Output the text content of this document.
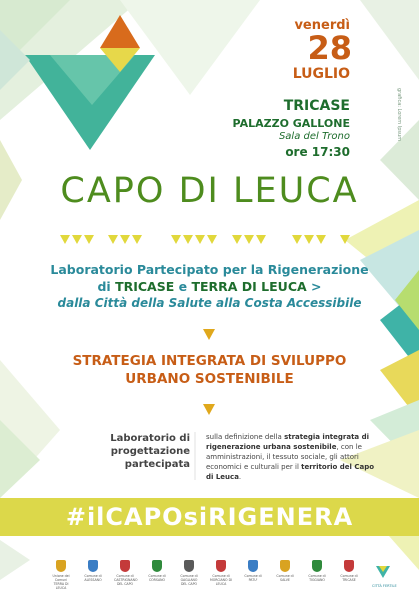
venerdì
28
LUGLIO
TRICASE
PALAZZO GALLONE
Sala del Trono
ore 17:30
grafica: Lorem Ipsum
CAPO DI LEUCA
Laboratorio Partecipato per la Rigenerazione
di TRICASE e TERRA DI LEUCA >
dalla Città della Salute alla Costa Accessibile
STRATEGIA INTEGRATA DI SVILUPPO
URBANO SOSTENIBILE
Laboratorio di
progettazione
partecipata
sulla definizione della strategia integrata di rigenerazione urbana sostenibile, con le amministrazioni, il tessuto sociale, gli attori economici e culturali per il territorio del Capo di Leuca.
#ilCAPOsiRIGENERA
Unione dei Comuni TERRA DI LEUCA
Comune di ALESSANO
Comune di CASTRIGNANO DEL CAPO
Comune di CORSANO
Comune di GAGLIANO DEL CAPO
Comune di MORCIANO DI LEUCA
Comune di PATU'
Comune di SALVE
Comune di TIGGIANO
Comune di TRICASE
CITTÀ FERTILE
